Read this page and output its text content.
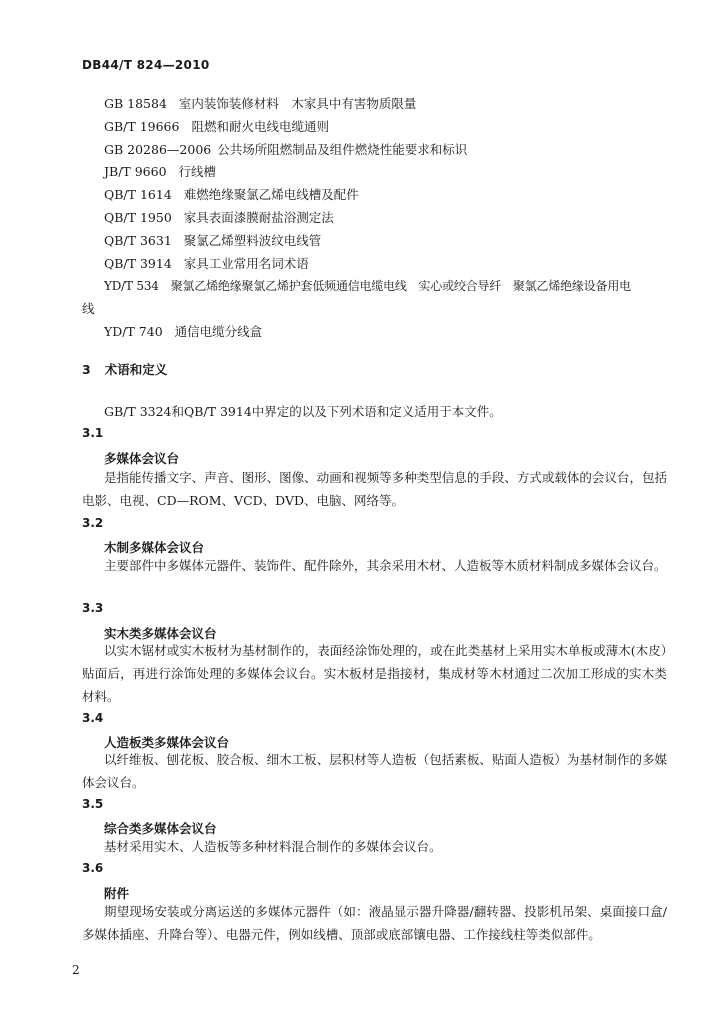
DB44/T 824—2010
GB 18584 室内装饰装修材料　木家具中有害物质限量
GB/T 19666 阻燃和耐火电线电缆通则
GB 20286—2006 公共场所阻燃制品及组件燃烧性能要求和标识
JB/T 9660 行线槽
QB/T 1614 难燃绝缘聚氯乙烯电线槽及配件
QB/T 1950 家具表面漆膜耐盐浴测定法
QB/T 3631 聚氯乙烯塑料波纹电线管
QB/T 3914 家具工业常用名词术语
YD/T 534 聚氯乙烯绝缘聚氯乙烯护套低频通信电缆电线　实心或绞合导纤　聚氯乙烯绝缘设备用电
线
YD/T 740 通信电缆分线盒
3 术语和定义
GB/T 3324和QB/T 3914中界定的以及下列术语和定义适用于本文件。
3.1
多媒体会议台
是指能传播文字、声音、图形、图像、动画和视频等多种类型信息的手段、方式或载体的会议台，包括电影、电视、CD—ROM、VCD、DVD、电脑、网络等。
3.2
木制多媒体会议台
主要部件中多媒体元器件、装饰件、配件除外，其余采用木材、人造板等木质材料制成多媒体会议台。
3.3
实木类多媒体会议台
以实木锯材或实木板材为基材制作的，表面经涂饰处理的，或在此类基材上采用实木单板或薄木(木皮）贴面后，再进行涂饰处理的多媒体会议台。实木板材是指接材，集成材等木材通过二次加工形成的实木类材料。
3.4
人造板类多媒体会议台
以纤维板、刨花板、胶合板、细木工板、层积材等人造板（包括素板、贴面人造板）为基材制作的多媒体会议台。
3.5
综合类多媒体会议台
基材采用实木、人造板等多种材料混合制作的多媒体会议台。
3.6
附件
期望现场安装或分离运送的多媒体元器件（如：液晶显示器升降器/翻转器、投影机吊架、桌面接口盒/多媒体插座、升降台等）、电器元件，例如线槽、顶部或底部镶电器、工作接线柱等类似部件。
2
